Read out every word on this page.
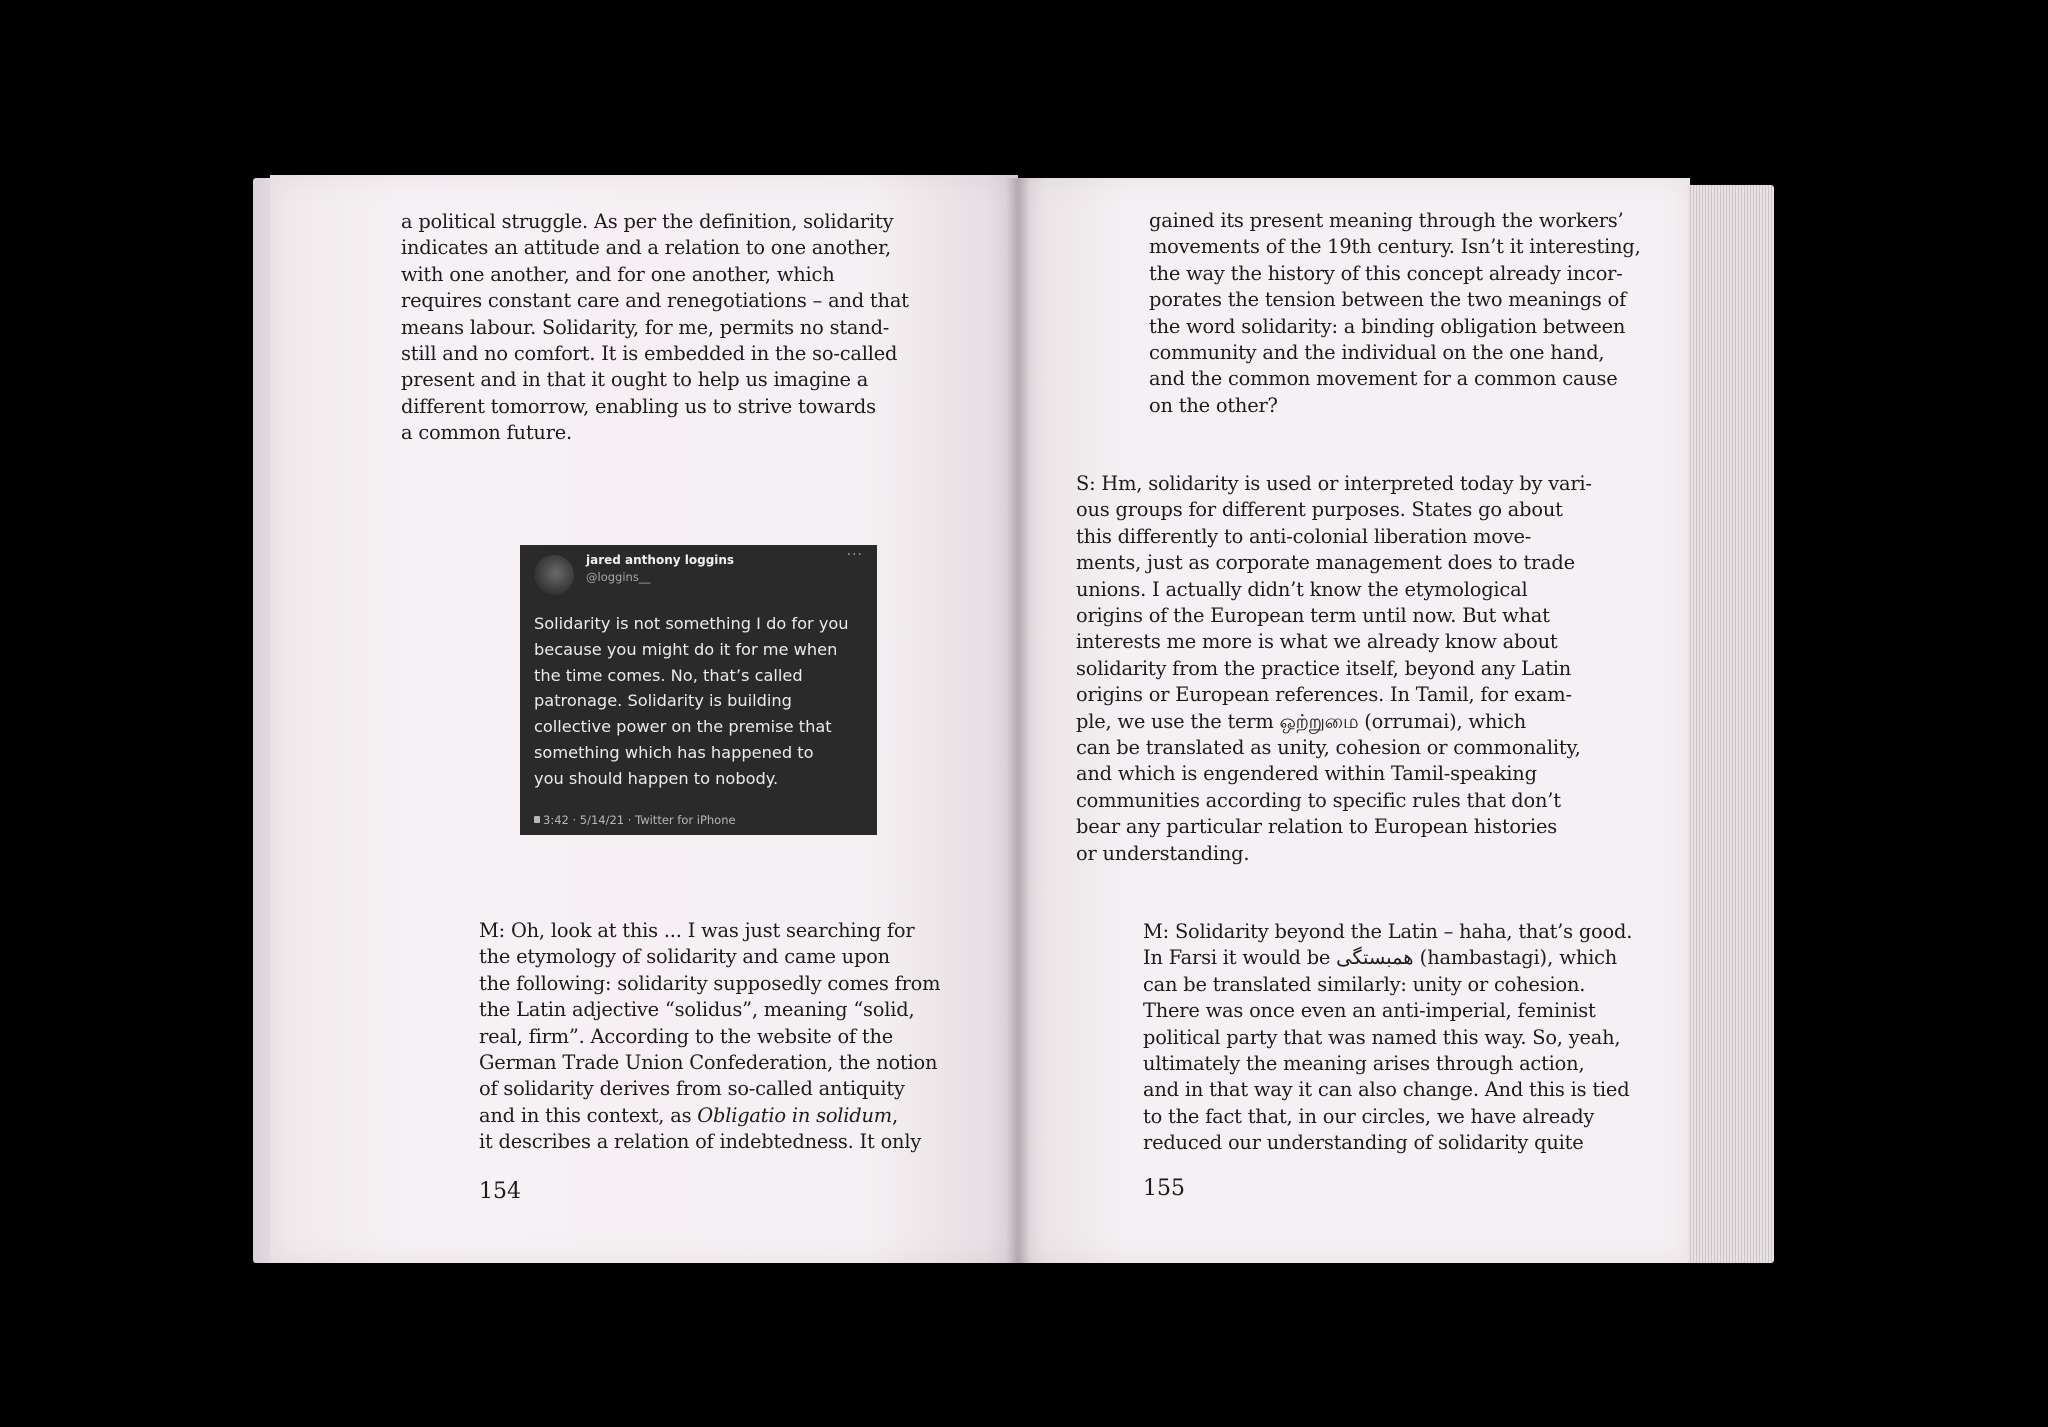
a political struggle. As per the definition, solidarity

indicates an attitude and a relation to one another,

with one another, and for one another, which

requires constant care and renegotiations – and that

means labour. Solidarity, for me, permits no stand-

still and no comfort. It is embedded in the so-called

present and in that it ought to help us imagine a

different tomorrow, enabling us to strive towards

a common future.

jared anthony loggins
@loggins__
···

Solidarity is not something I do for you

because you might do it for me when

the time comes. No, that’s called

patronage. Solidarity is building

collective power on the premise that

something which has happened to

you should happen to nobody.

3:42 · 5/14/21 · Twitter for iPhone

M: Oh, look at this ... I was just searching for

the etymology of solidarity and came upon

the following: solidarity supposedly comes from

the Latin adjective “solidus”, meaning “solid,

real, firm”. According to the website of the

German Trade Union Confederation, the notion

of solidarity derives from so-called antiquity

and in this context, as Obligatio in solidum,

it describes a relation of indebtedness. It only

154

gained its present meaning through the workers’

movements of the 19th century. Isn’t it interesting,

the way the history of this concept already incor-

porates the tension between the two meanings of

the word solidarity: a binding obligation between

community and the individual on the one hand,

and the common movement for a common cause

on the other?

S: Hm, solidarity is used or interpreted today by vari-

ous groups for different purposes. States go about

this differently to anti-colonial liberation move-

ments, just as corporate management does to trade

unions. I actually didn’t know the etymological

origins of the European term until now. But what

interests me more is what we already know about

solidarity from the practice itself, beyond any Latin

origins or European references. In Tamil, for exam-

ple, we use the term ஒற்றுமை (orrumai), which

can be translated as unity, cohesion or commonality,

and which is engendered within Tamil-speaking

communities according to specific rules that don’t

bear any particular relation to European histories

or understanding.

M: Solidarity beyond the Latin – haha, that’s good.

In Farsi it would be همبستگی (hambastagi), which

can be translated similarly: unity or cohesion.

There was once even an anti-imperial, feminist

political party that was named this way. So, yeah,

ultimately the meaning arises through action,

and in that way it can also change. And this is tied

to the fact that, in our circles, we have already

reduced our understanding of solidarity quite

155
